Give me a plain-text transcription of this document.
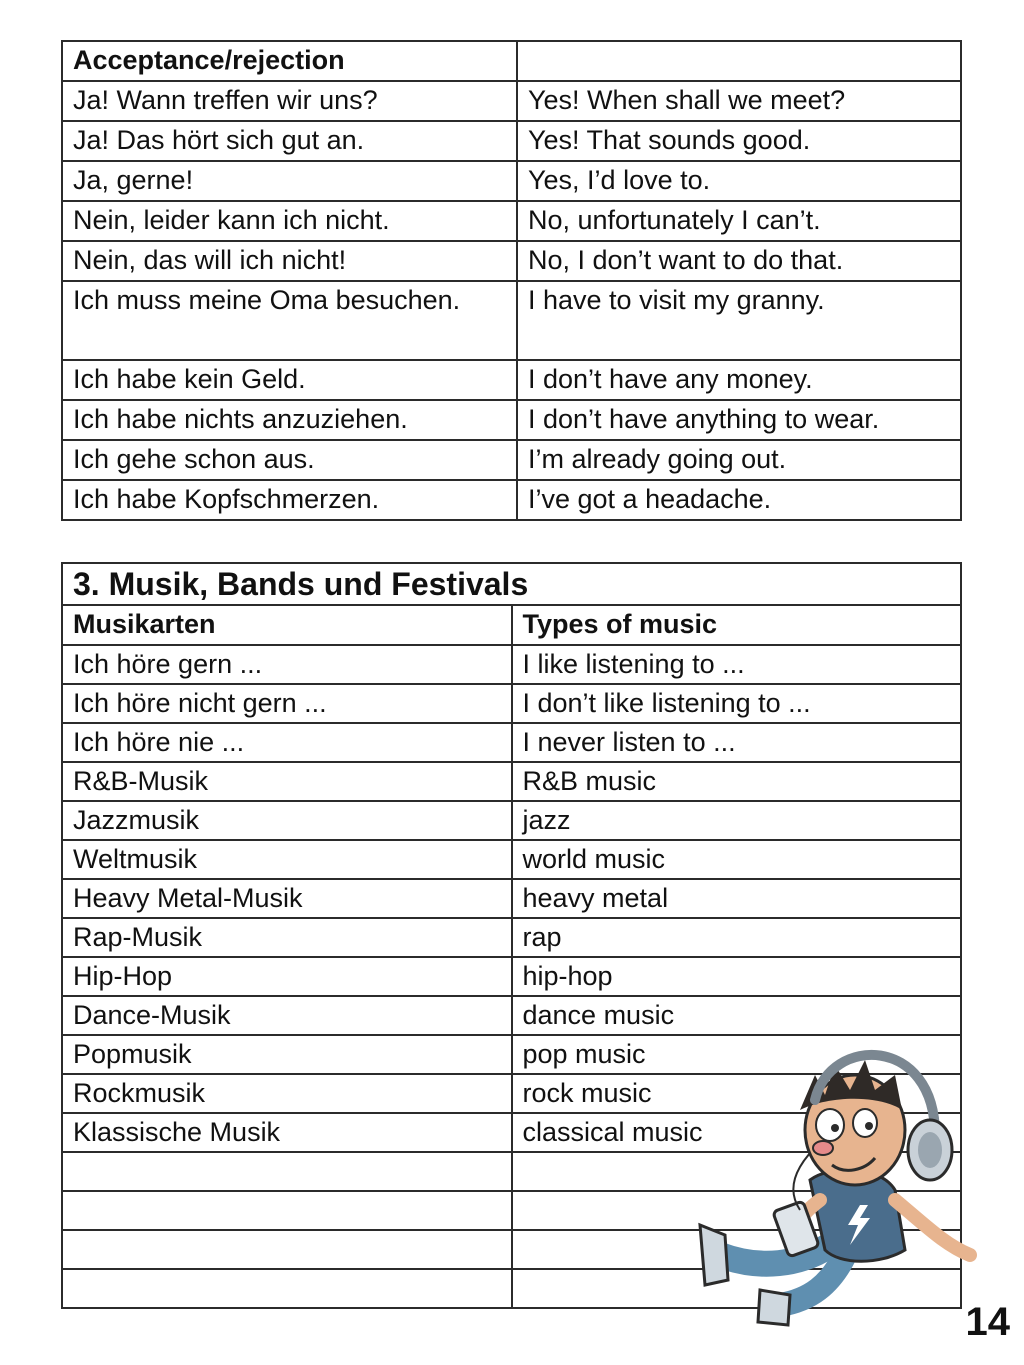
Acceptance/rejection	
Ja! Wann treffen wir uns?	Yes! When shall we meet?
Ja! Das hört sich gut an.	Yes! That sounds good.
Ja, gerne!	Yes, I’d love to.
Nein, leider kann ich nicht.	No, unfortunately I can’t.
Nein, das will ich nicht!	No, I don’t want to do that.
Ich muss meine Oma besuchen.	I have to visit my granny.
Ich habe kein Geld.	I don’t have any money.
Ich habe nichts anzuziehen.	I don’t have anything to wear.
Ich gehe schon aus.	I’m already going out.
Ich habe Kopfschmerzen.	I’ve got a headache.
3. Musik, Bands und Festivals	
Musikarten	Types of music
Ich höre gern ...	I like listening to ...
Ich höre nicht gern ...	I don’t like listening to ...
Ich höre nie ...	I never listen to ...
R&B-Musik	R&B music
Jazzmusik	jazz
Weltmusik	world music
Heavy Metal-Musik	heavy metal
Rap-Musik	rap
Hip-Hop	hip-hop
Dance-Musik	dance music
Popmusik	pop music
Rockmusik	rock music
Klassische Musik	classical music

14
